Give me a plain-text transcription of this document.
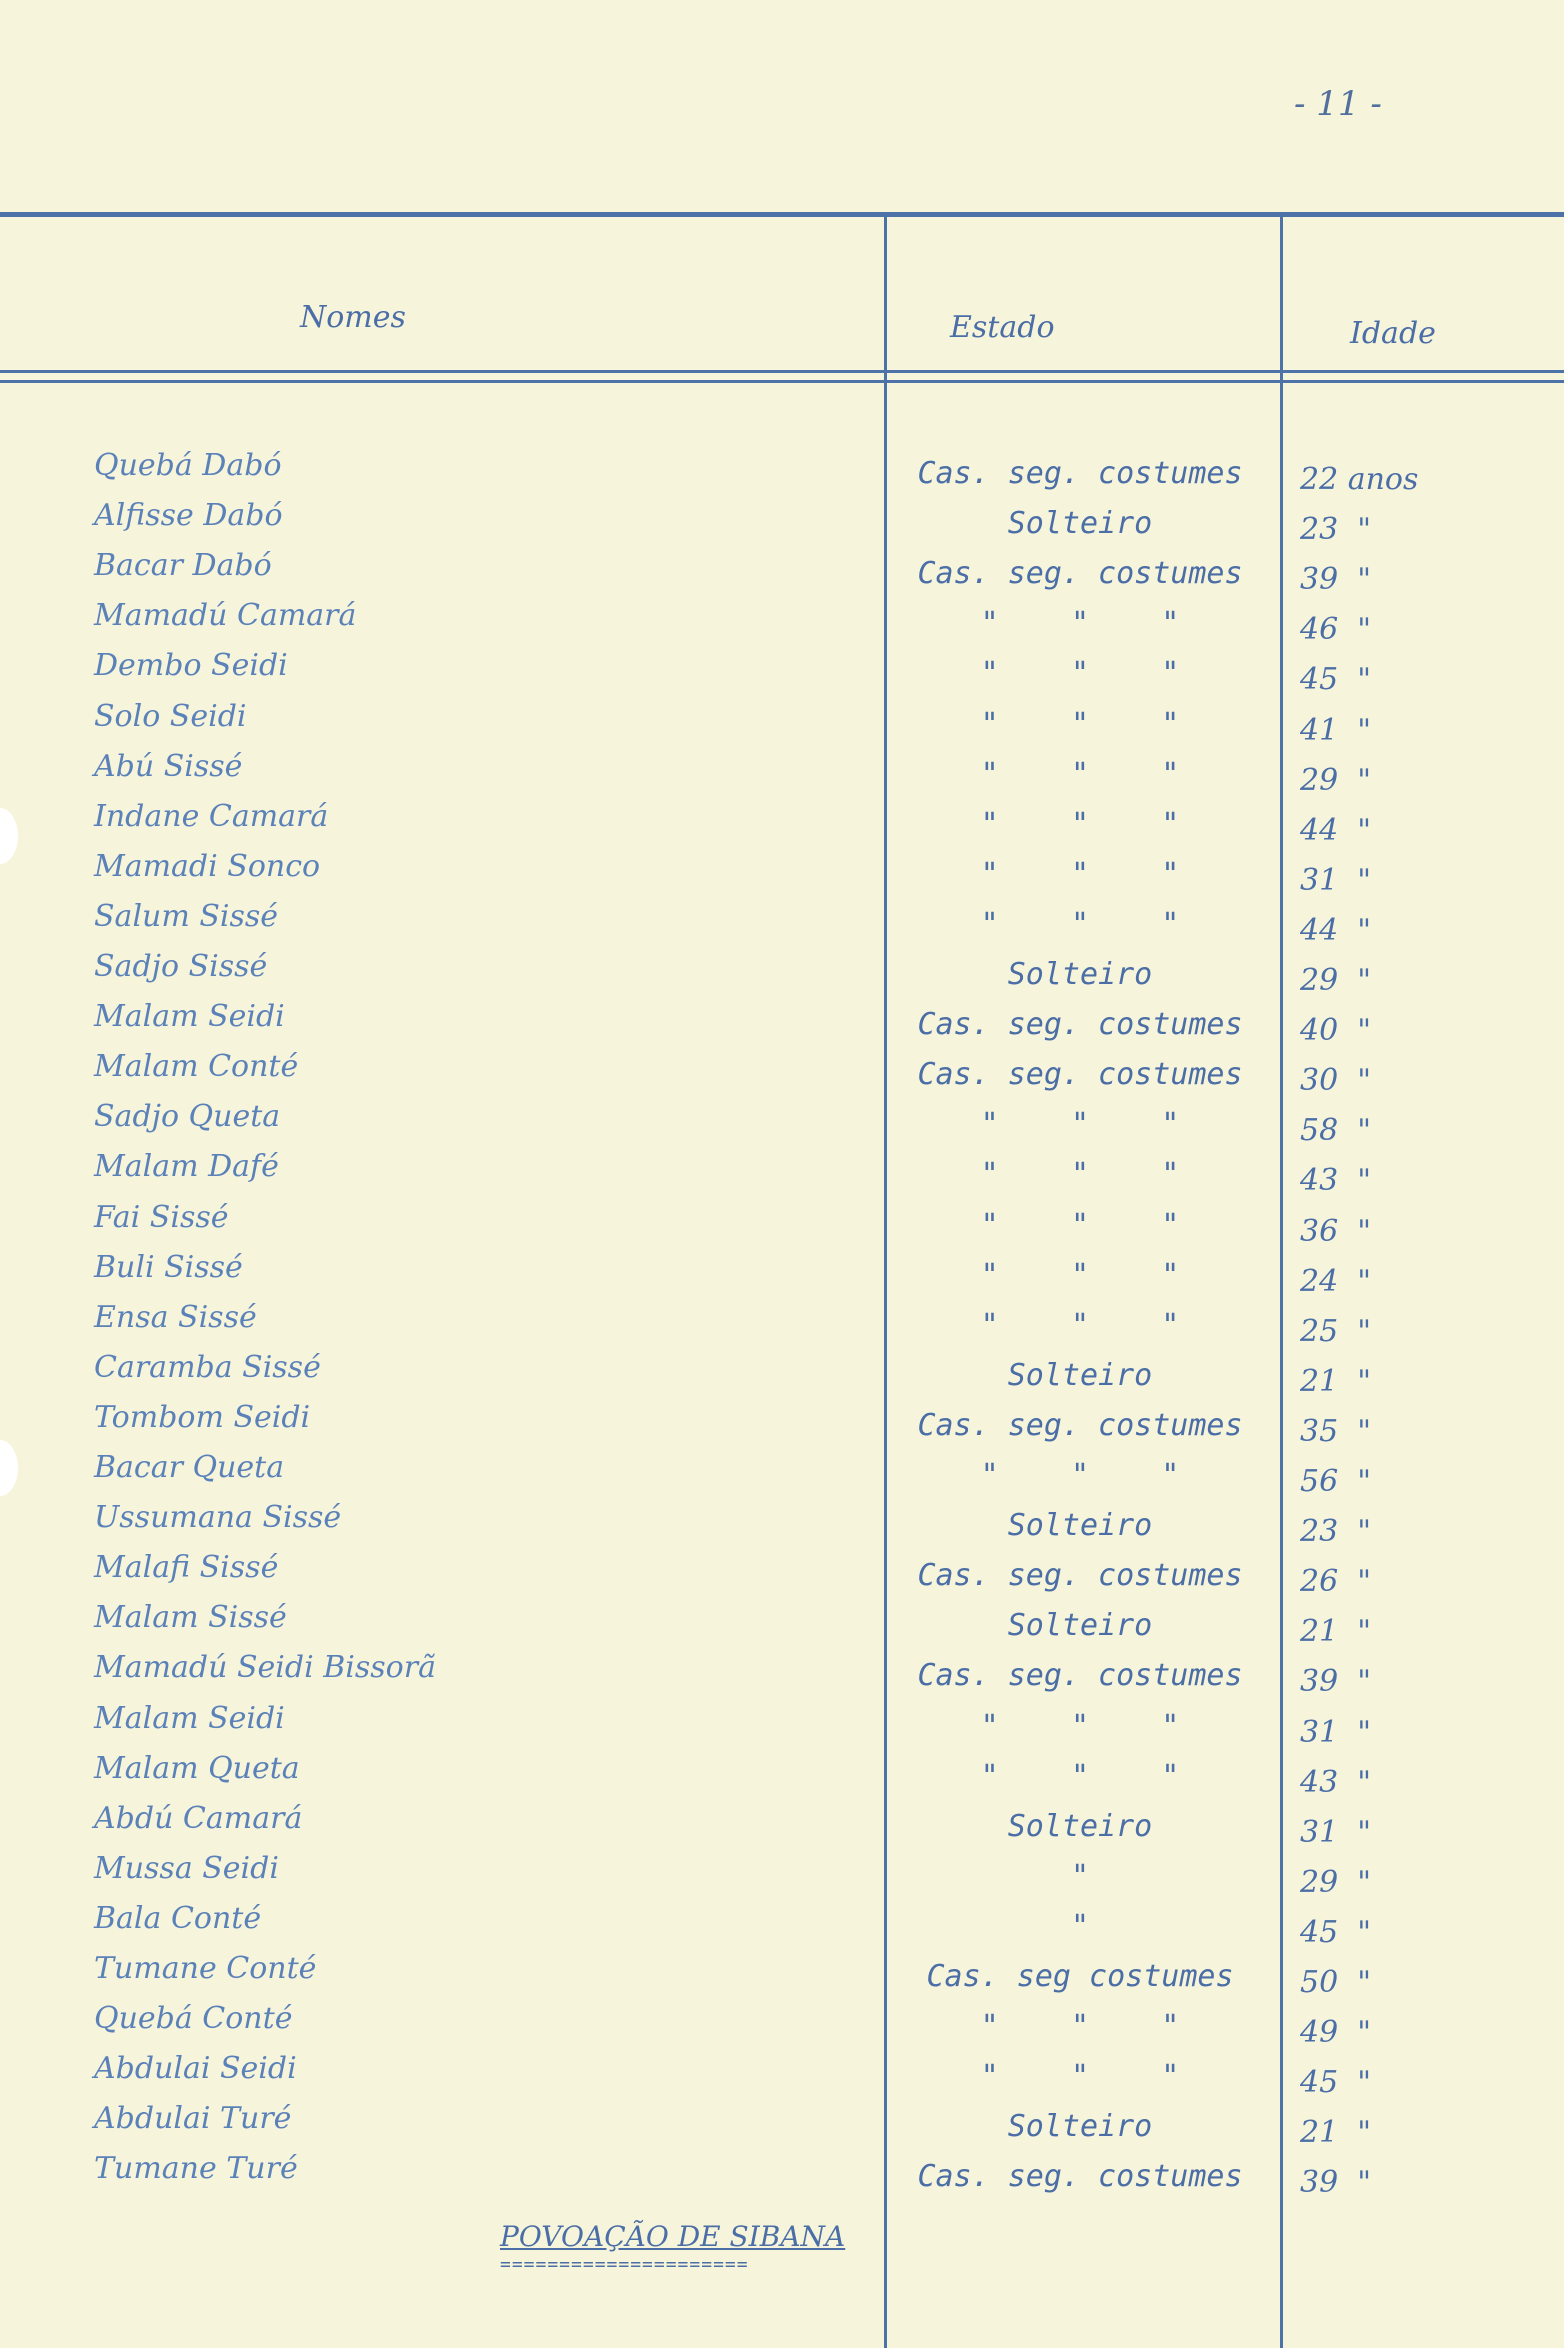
- 11 -
Nomes	Estado	Idade
Quebá Dabó	Cas. seg. costumes	22 anos
Alfisse Dabó	Solteiro	23  "
Bacar Dabó	Cas. seg. costumes	39  "
Mamadú Camará	"    "    "	46  "
Dembo Seidi	"    "    "	45  "
Solo Seidi	"    "    "	41  "
Abú Sissé	"    "    "	29  "
Indane Camará	"    "    "	44  "
Mamadi Sonco	"    "    "	31  "
Salum Sissé	"    "    "	44  "
Sadjo Sissé	Solteiro	29  "
Malam Seidi	Cas. seg. costumes	40  "
Malam Conté	Cas. seg. costumes	30  "
Sadjo Queta	"    "    "	58  "
Malam Dafé	"    "    "	43  "
Fai Sissé	"    "    "	36  "
Buli Sissé	"    "    "	24  "
Ensa Sissé	"    "    "	25  "
Caramba Sissé	Solteiro	21  "
Tombom Seidi	Cas. seg. costumes	35  "
Bacar Queta	"    "    "	56  "
Ussumana Sissé	Solteiro	23  "
Malafi Sissé	Cas. seg. costumes	26  "
Malam Sissé	Solteiro	21  "
Mamadú Seidi Bissorã	Cas. seg. costumes	39  "
Malam Seidi	"    "    "	31  "
Malam Queta	"    "    "	43  "
Abdú Camará	Solteiro	31  "
Mussa Seidi	"	29  "
Bala Conté	"	45  "
Tumane Conté	Cas. seg costumes	50  "
Quebá Conté	"    "    "	49  "
Abdulai Seidi	"    "    "	45  "
Abdulai Turé	Solteiro	21  "
Tumane Turé	Cas. seg. costumes	39  "
POVOAÇÃO DE SIBANA
=====================
